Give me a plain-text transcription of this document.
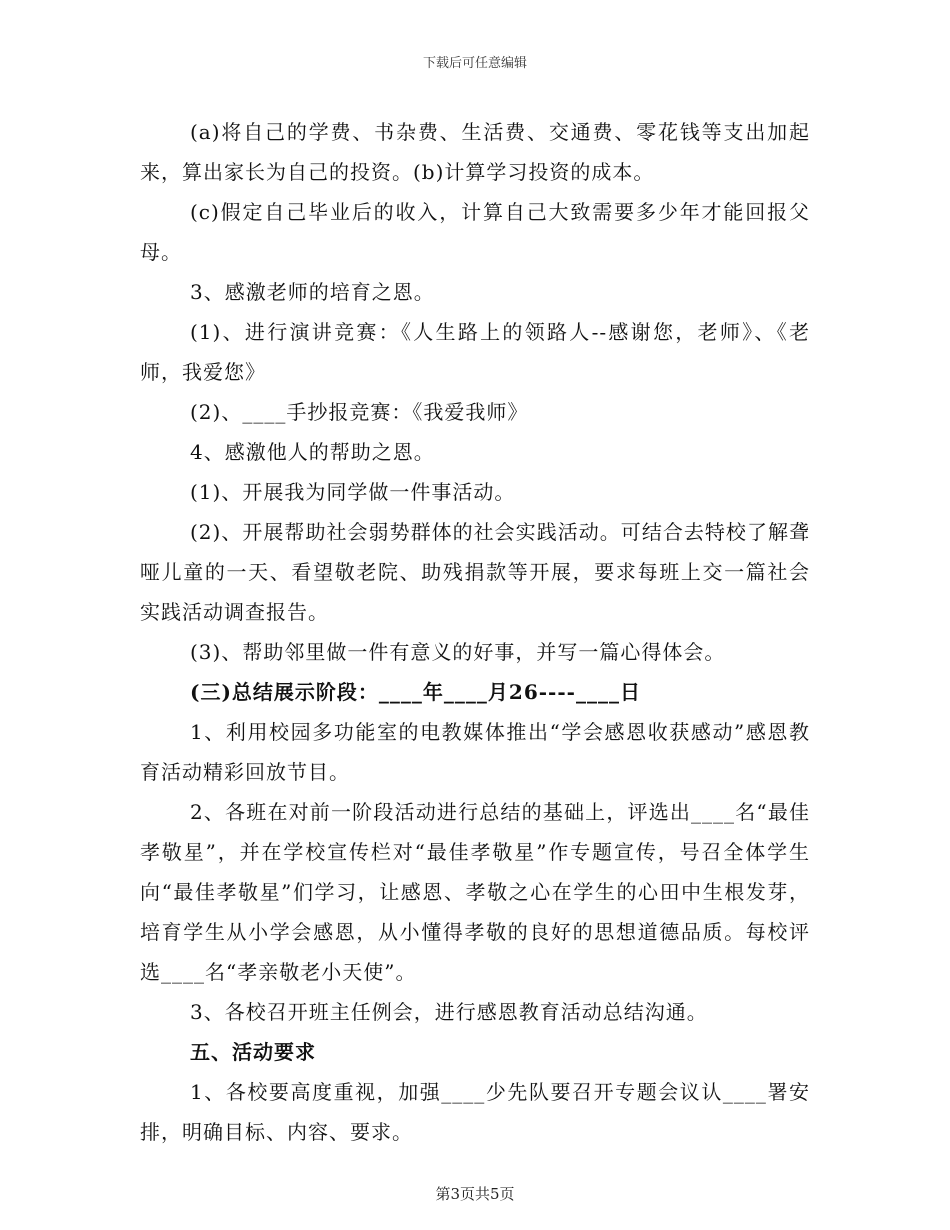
下载后可任意编辑

(a)将自己的学费、书杂费、生活费、交通费、零花钱等支出加起来，算出家长为自己的投资。(b)计算学习投资的成本。

(c)假定自己毕业后的收入，计算自己大致需要多少年才能回报父母。

3、感激老师的培育之恩。

(1)、进行演讲竞赛：《人生路上的领路人--感谢您，老师》、《老师，我爱您》

(2)、____手抄报竞赛：《我爱我师》

4、感激他人的帮助之恩。

(1)、开展我为同学做一件事活动。

(2)、开展帮助社会弱势群体的社会实践活动。可结合去特校了解聋哑儿童的一天、看望敬老院、助残捐款等开展，要求每班上交一篇社会实践活动调查报告。

(3)、帮助邻里做一件有意义的好事，并写一篇心得体会。

(三)总结展示阶段：____年____月26----____日

1、利用校园多功能室的电教媒体推出“学会感恩收获感动”感恩教育活动精彩回放节目。

2、各班在对前一阶段活动进行总结的基础上，评选出____名“最佳孝敬星”，并在学校宣传栏对“最佳孝敬星”作专题宣传，号召全体学生向“最佳孝敬星”们学习，让感恩、孝敬之心在学生的心田中生根发芽，培育学生从小学会感恩，从小懂得孝敬的良好的思想道德品质。每校评选____名“孝亲敬老小天使”。

3、各校召开班主任例会，进行感恩教育活动总结沟通。

五、活动要求

1、各校要高度重视，加强____少先队要召开专题会议认____署安排，明确目标、内容、要求。

第3页共5页
